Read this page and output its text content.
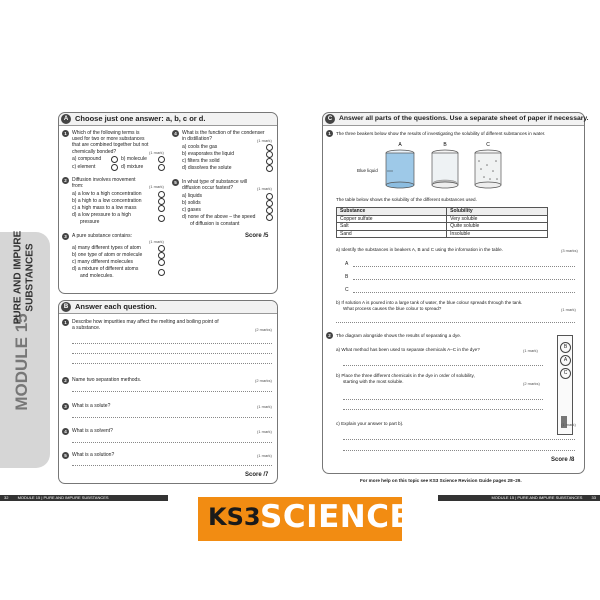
MODULE 15
PURE AND IMPURE SUBSTANCES
A Choose just one answer: a, b, c or d.
1	Which of the following terms is
used for two or more substances
that are combined together but not
chemically bonded?	(1 mark)
a) compound	b) molecule
c) element	d) mixture
2	Diffusion involves movement
from:	(1 mark)
a) a low to a high concentration
b) a high to a low concentration
c) a high mass to a low mass
d) a low pressure to a high
pressure
3	A pure substance contains:
(1 mark)
a) many different types of atom
b) one type of atom or molecule
c) many different molecules
d) a mixture of different atoms
and molecules.
4	What is the function of the condenser
in distillation?	(1 mark)
a) cools the gas
b) evaporates the liquid
c) filters the solid
d) dissolves the solute
5	In what type of substance will
diffusion occur fastest?	(1 mark)
a) liquids
b) solids
c) gases
d) none of the above – the speed
of diffusion is constant
Score /5
B Answer each question.
1	Describe how impurities may affect the melting and boiling point of
a substance.	(2 marks)
2	Name two separation methods.	(2 marks)
3	What is a solute?	(1 mark)
4	What is a solvent?	(1 mark)
5	What is a solution?	(1 mark)
Score /7
C	Answer all parts of the questions. Use a separate sheet of paper if necessary.
1	The three beakers below show the results of investigating the solubility of different substances in water.
A	B	C
Blue liquid
The table below shows the solubility of the different substances used.
Substance	Solubility
Copper sulfate	Very soluble
Salt	Quite soluble
Sand	Insoluble
a) Identify the substances in beakers A, B and C using the information in the table.	(3 marks)
A
B
C
b) If solution A is poured into a large tank of water, the blue colour spreads through the tank.
What process causes the blue colour to spread?	(1 mark)
2	The diagram alongside shows the results of separating a dye.
a) What method has been used to separate chemicals A–C in the dye?	(1 mark)
b) Place the three different chemicals in the dye in order of solubility,
starting with the most soluble.	(2 marks)
B
A
C
c) Explain your answer to part b).	(1 mark)
Score /8
For more help on this topic see KS3 Science Revision Guide pages 28–29.
32 MODULE 15 | PURE AND IMPURE SUBSTANCES	MODULE 15 | PURE AND IMPURE SUBSTANCES 33
KS3 SCIENCE
